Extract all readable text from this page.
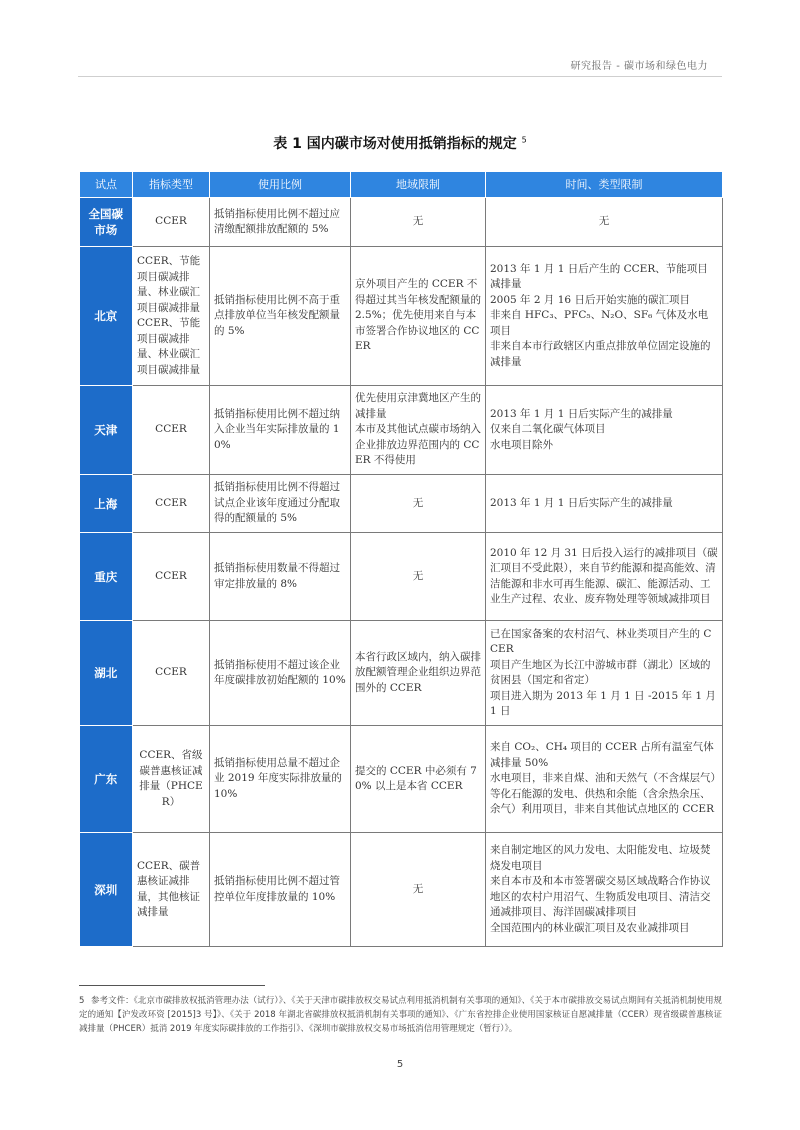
研究报告 - 碳市场和绿色电力
表 1 国内碳市场对使用抵销指标的规定 $^5$
试点	指标类型	使用比例	地域限制	时间、类型限制
全国碳市场	CCER	抵销指标使用比例不超过应清缴配额排放配额的 5%	无	无
北京	CCER、节能项目碳减排量、林业碳汇项目碳减排量 CCER、节能项目碳减排量、林业碳汇项目碳减排量	抵销指标使用比例不高于重点排放单位当年核发配额量的 5%	京外项目产生的 CCER 不得超过其当年核发配额量的 2.5%；优先使用来自与本市签署合作协议地区的 CCER	2013 年 1 月 1 日后产生的 CCER、节能项目减排量
2005 年 2 月 16 日后开始实施的碳汇项目
非来自 HFC₃、PFC₅、N₂O、SF₆ 气体及水电项目
非来自本市行政辖区内重点排放单位固定设施的减排量
天津	CCER	抵销指标使用比例不超过纳入企业当年实际排放量的 10%	优先使用京津冀地区产生的减排量
本市及其他试点碳市场纳入企业排放边界范围内的 CCER 不得使用	2013 年 1 月 1 日后实际产生的减排量
仅来自二氧化碳气体项目
水电项目除外
上海	CCER	抵销指标使用比例不得超过试点企业该年度通过分配取得的配额量的 5%	无	2013 年 1 月 1 日后实际产生的减排量
重庆	CCER	抵销指标使用数量不得超过审定排放量的 8%	无	2010 年 12 月 31 日后投入运行的减排项目（碳汇项目不受此限），来自节约能源和提高能效、清洁能源和非水可再生能源、碳汇、能源活动、工业生产过程、农业、废弃物处理等领域减排项目
湖北	CCER	抵销指标使用不超过该企业年度碳排放初始配额的 10%	本省行政区域内，纳入碳排放配额管理企业组织边界范围外的 CCER	已在国家备案的农村沼气、林业类项目产生的 CCER
项目产生地区为长江中游城市群（湖北）区域的贫困县（国定和省定）
项目进入期为 2013 年 1 月 1 日 -2015 年 1 月 1 日
广东	CCER、省级碳普惠核证减排量（PHCER）	抵销指标使用总量不超过企业 2019 年度实际排放量的 10%	提交的 CCER 中必须有 70% 以上是本省 CCER	来自 CO₂、CH₄ 项目的 CCER 占所有温室气体减排量 50%
水电项目，非来自煤、油和天然气（不含煤层气）等化石能源的发电、供热和余能（含余热余压、余气）利用项目，非来自其他试点地区的 CCER
深圳	CCER、碳普惠核证减排量，其他核证减排量	抵销指标使用比例不超过管控单位年度排放量的 10%	无	来自制定地区的风力发电、太阳能发电、垃圾焚烧发电项目
来自本市及和本市签署碳交易区域战略合作协议地区的农村户用沼气、生物质发电项目、清洁交通减排项目、海洋固碳减排项目
全国范围内的林业碳汇项目及农业减排项目
5 参考文件：《北京市碳排放权抵消管理办法（试行）》、《关于天津市碳排放权交易试点利用抵消机制有关事项的通知》、《关于本市碳排放交易试点期间有关抵消机制使用规定的通知【沪发改环资 [2015]3 号】》、《关于 2018 年湖北省碳排放权抵消机制有关事项的通知》、《广东省控排企业使用国家核证自愿减排量（CCER）现省级碳普惠核证减排量（PHCER）抵消 2019 年度实际碳排放的工作指引》、《深圳市碳排放权交易市场抵消信用管理规定（暂行）》。
5
